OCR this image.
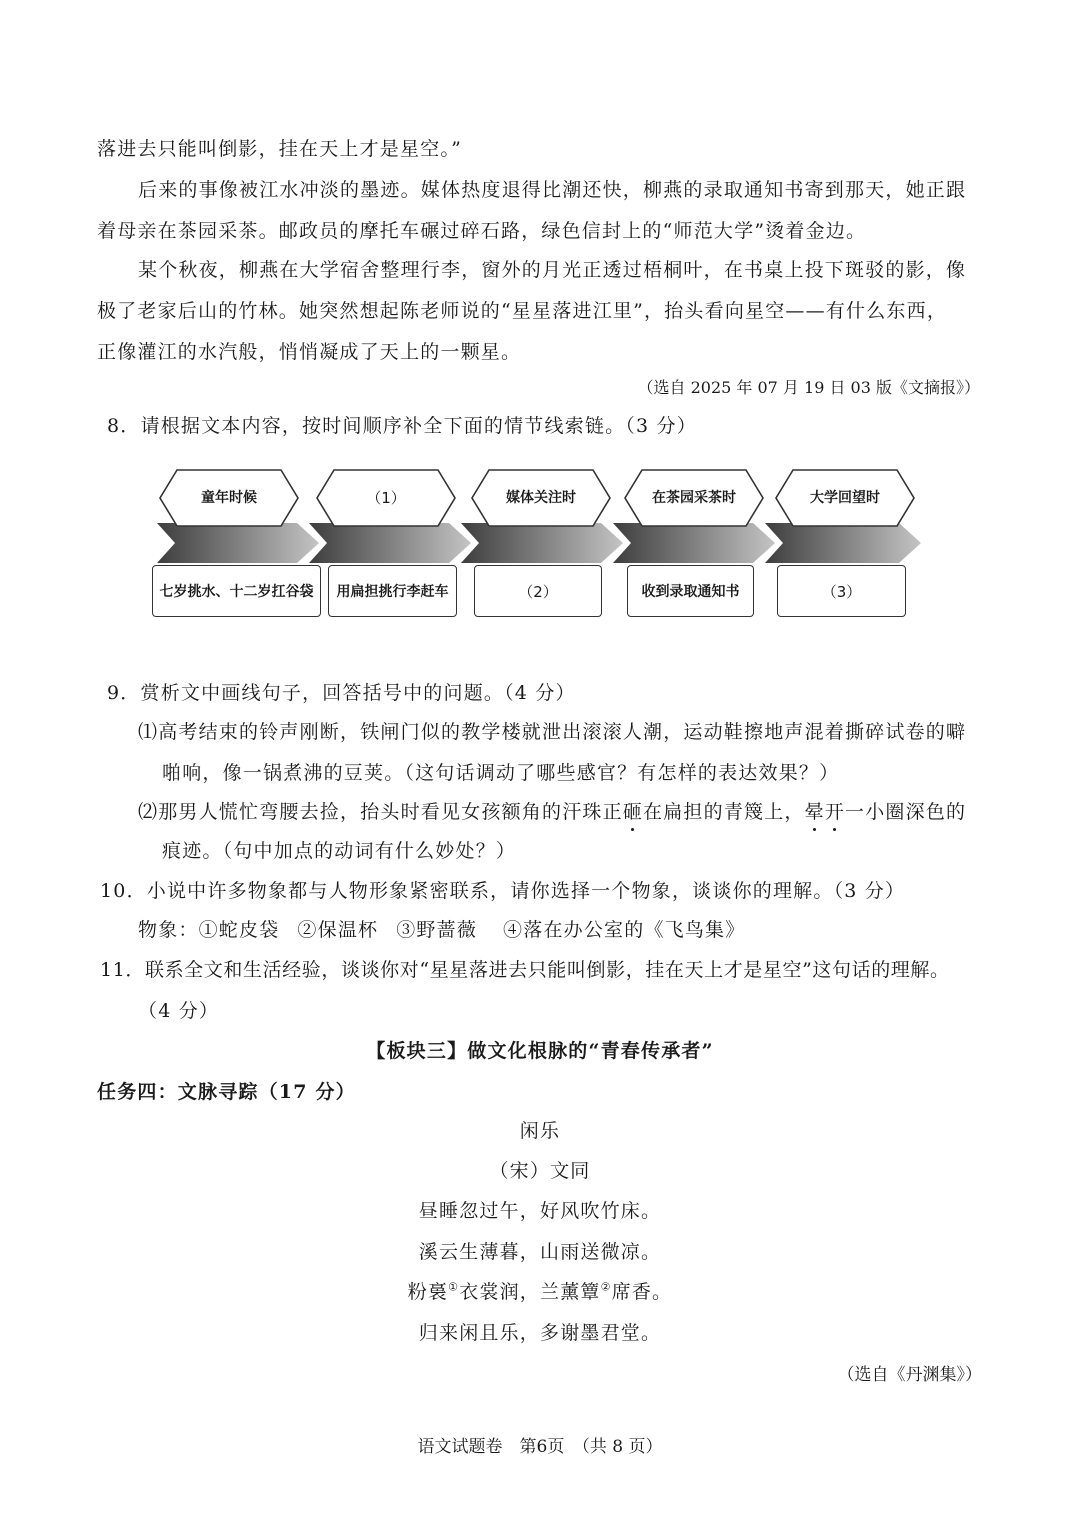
落进去只能叫倒影，挂在天上才是星空。”
后来的事像被江水冲淡的墨迹。媒体热度退得比潮还快，柳燕的录取通知书寄到那天，她正跟
着母亲在茶园采茶。邮政员的摩托车碾过碎石路，绿色信封上的“师范大学”烫着金边。
某个秋夜，柳燕在大学宿舍整理行李，窗外的月光正透过梧桐叶，在书桌上投下斑驳的影，像
极了老家后山的竹林。她突然想起陈老师说的“星星落进江里”，抬头看向星空——有什么东西，
正像灌江的水汽般，悄悄凝成了天上的一颗星。
（选自 2025 年 07 月 19 日 03 版《文摘报》）
8．请根据文本内容，按时间顺序补全下面的情节线索链。（3 分）
童年时候	（1）	媒体关注时	在茶园采茶时	大学回望时
七岁挑水、十二岁扛谷袋	用扁担挑行李赶车	（2）	收到录取通知书	（3）
9．赏析文中画线句子，回答括号中的问题。（4 分）
⑴高考结束的铃声刚断，铁闸门似的教学楼就泄出滚滚人潮，运动鞋擦地声混着撕碎试卷的噼
啪响，像一锅煮沸的豆荚。（这句话调动了哪些感官？有怎样的表达效果？）
⑵那男人慌忙弯腰去捡，抬头时看见女孩额角的汗珠正砸在扁担的青篾上，晕开一小圈深色的
痕迹。（句中加点的动词有什么妙处？）
10．小说中许多物象都与人物形象紧密联系，请你选择一个物象，谈谈你的理解。（3 分）
物象：①蛇皮袋 ②保温杯 ③野蔷薇 ④落在办公室的《飞鸟集》
11．联系全文和生活经验，谈谈你对“星星落进去只能叫倒影，挂在天上才是星空”这句话的理解。
（4 分）
【板块三】做文化根脉的“青春传承者”
任务四：文脉寻踪（17 分）
闲乐
（宋）文同
昼睡忽过午，好风吹竹床。
溪云生薄暮，山雨送微凉。
粉裛①衣裳润，兰薰簟②席香。
归来闲且乐，多谢墨君堂。
（选自《丹渊集》）
语文试题卷　第6页　（共 8 页）
